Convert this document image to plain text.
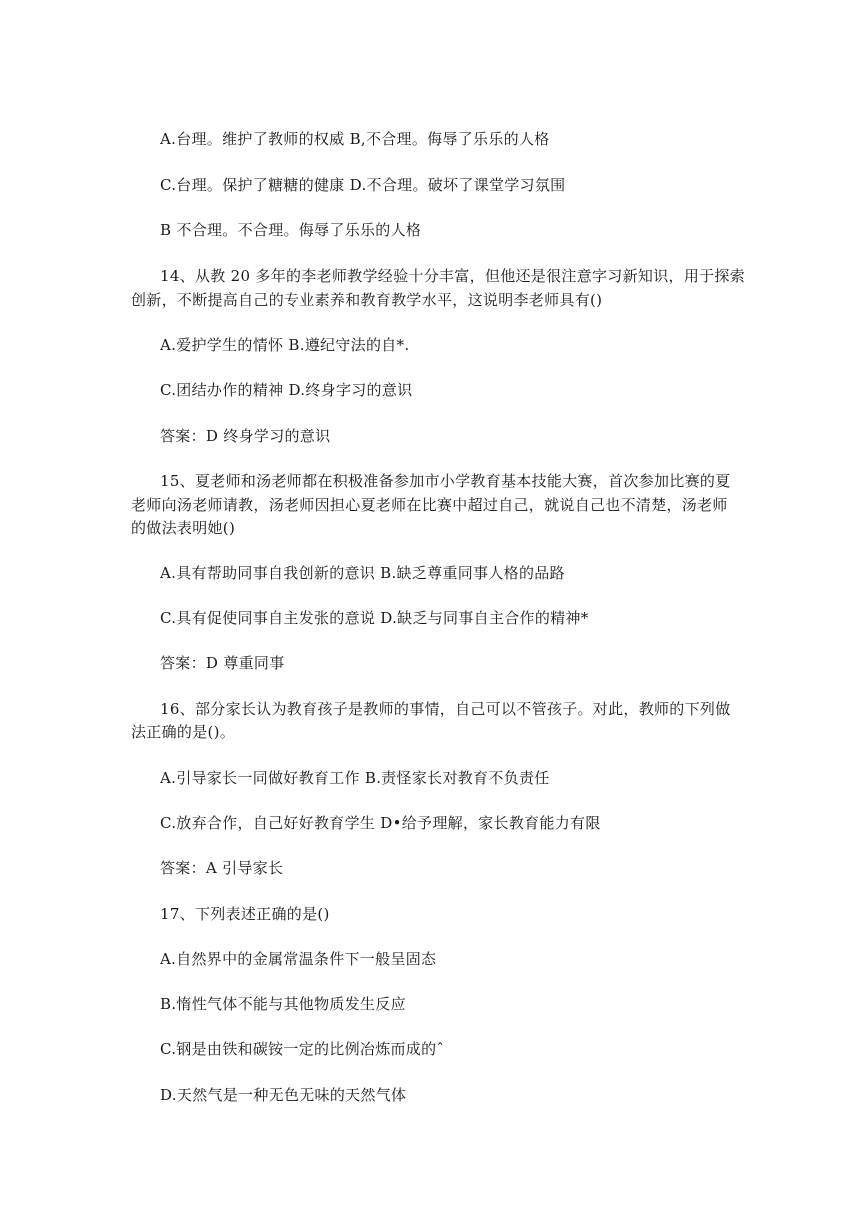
A.台理。维护了教师的权威 B,不合理。侮辱了乐乐的人格
C.台理。保护了糖糖的健康 D.不合理。破坏了课堂学习氛围
B 不合理。不合理。侮辱了乐乐的人格
14、从教 20 多年的李老师教学经验十分丰富，但他还是很注意字习新知识，用于探索
创新，不断提高自己的专业素养和教育教学水平，这说明李老师具有()
A.爱护学生的情怀 B.遵纪守法的自*.
C.团结办作的精神 D.终身字习的意识
答案：D 终身学习的意识
15、夏老师和汤老师都在积极准备参加市小学教育基本技能大赛，首次参加比赛的夏
老师向汤老师请教，汤老师因担心夏老师在比赛中超过自己，就说自己也不清楚，汤老师
的做法表明她()
A.具有帮助同事自我创新的意识 B.缺乏尊重同事人格的品路
C.具有促使同事自主发张的意说 D.缺乏与同事自主合作的精神*
答案：D 尊重同事
16、部分家长认为教育孩子是教师的事情，自己可以不管孩子。对此，教师的下列做
法正确的是()。
A.引导家长一同做好教育工作 B.责怪家长对教育不负责任
C.放弃合作，自己好好教育学生 D•给予理解，家长教育能力有限
答案：A 引导家长
17、下列表述正确的是()
A.自然界中的金属常温条件下一般呈固态
B.惰性气体不能与其他物质发生反应
C.钢是由铁和碳铵一定的比例冶炼而成的ˆ
D.天然气是一种无色无味的天然气体
